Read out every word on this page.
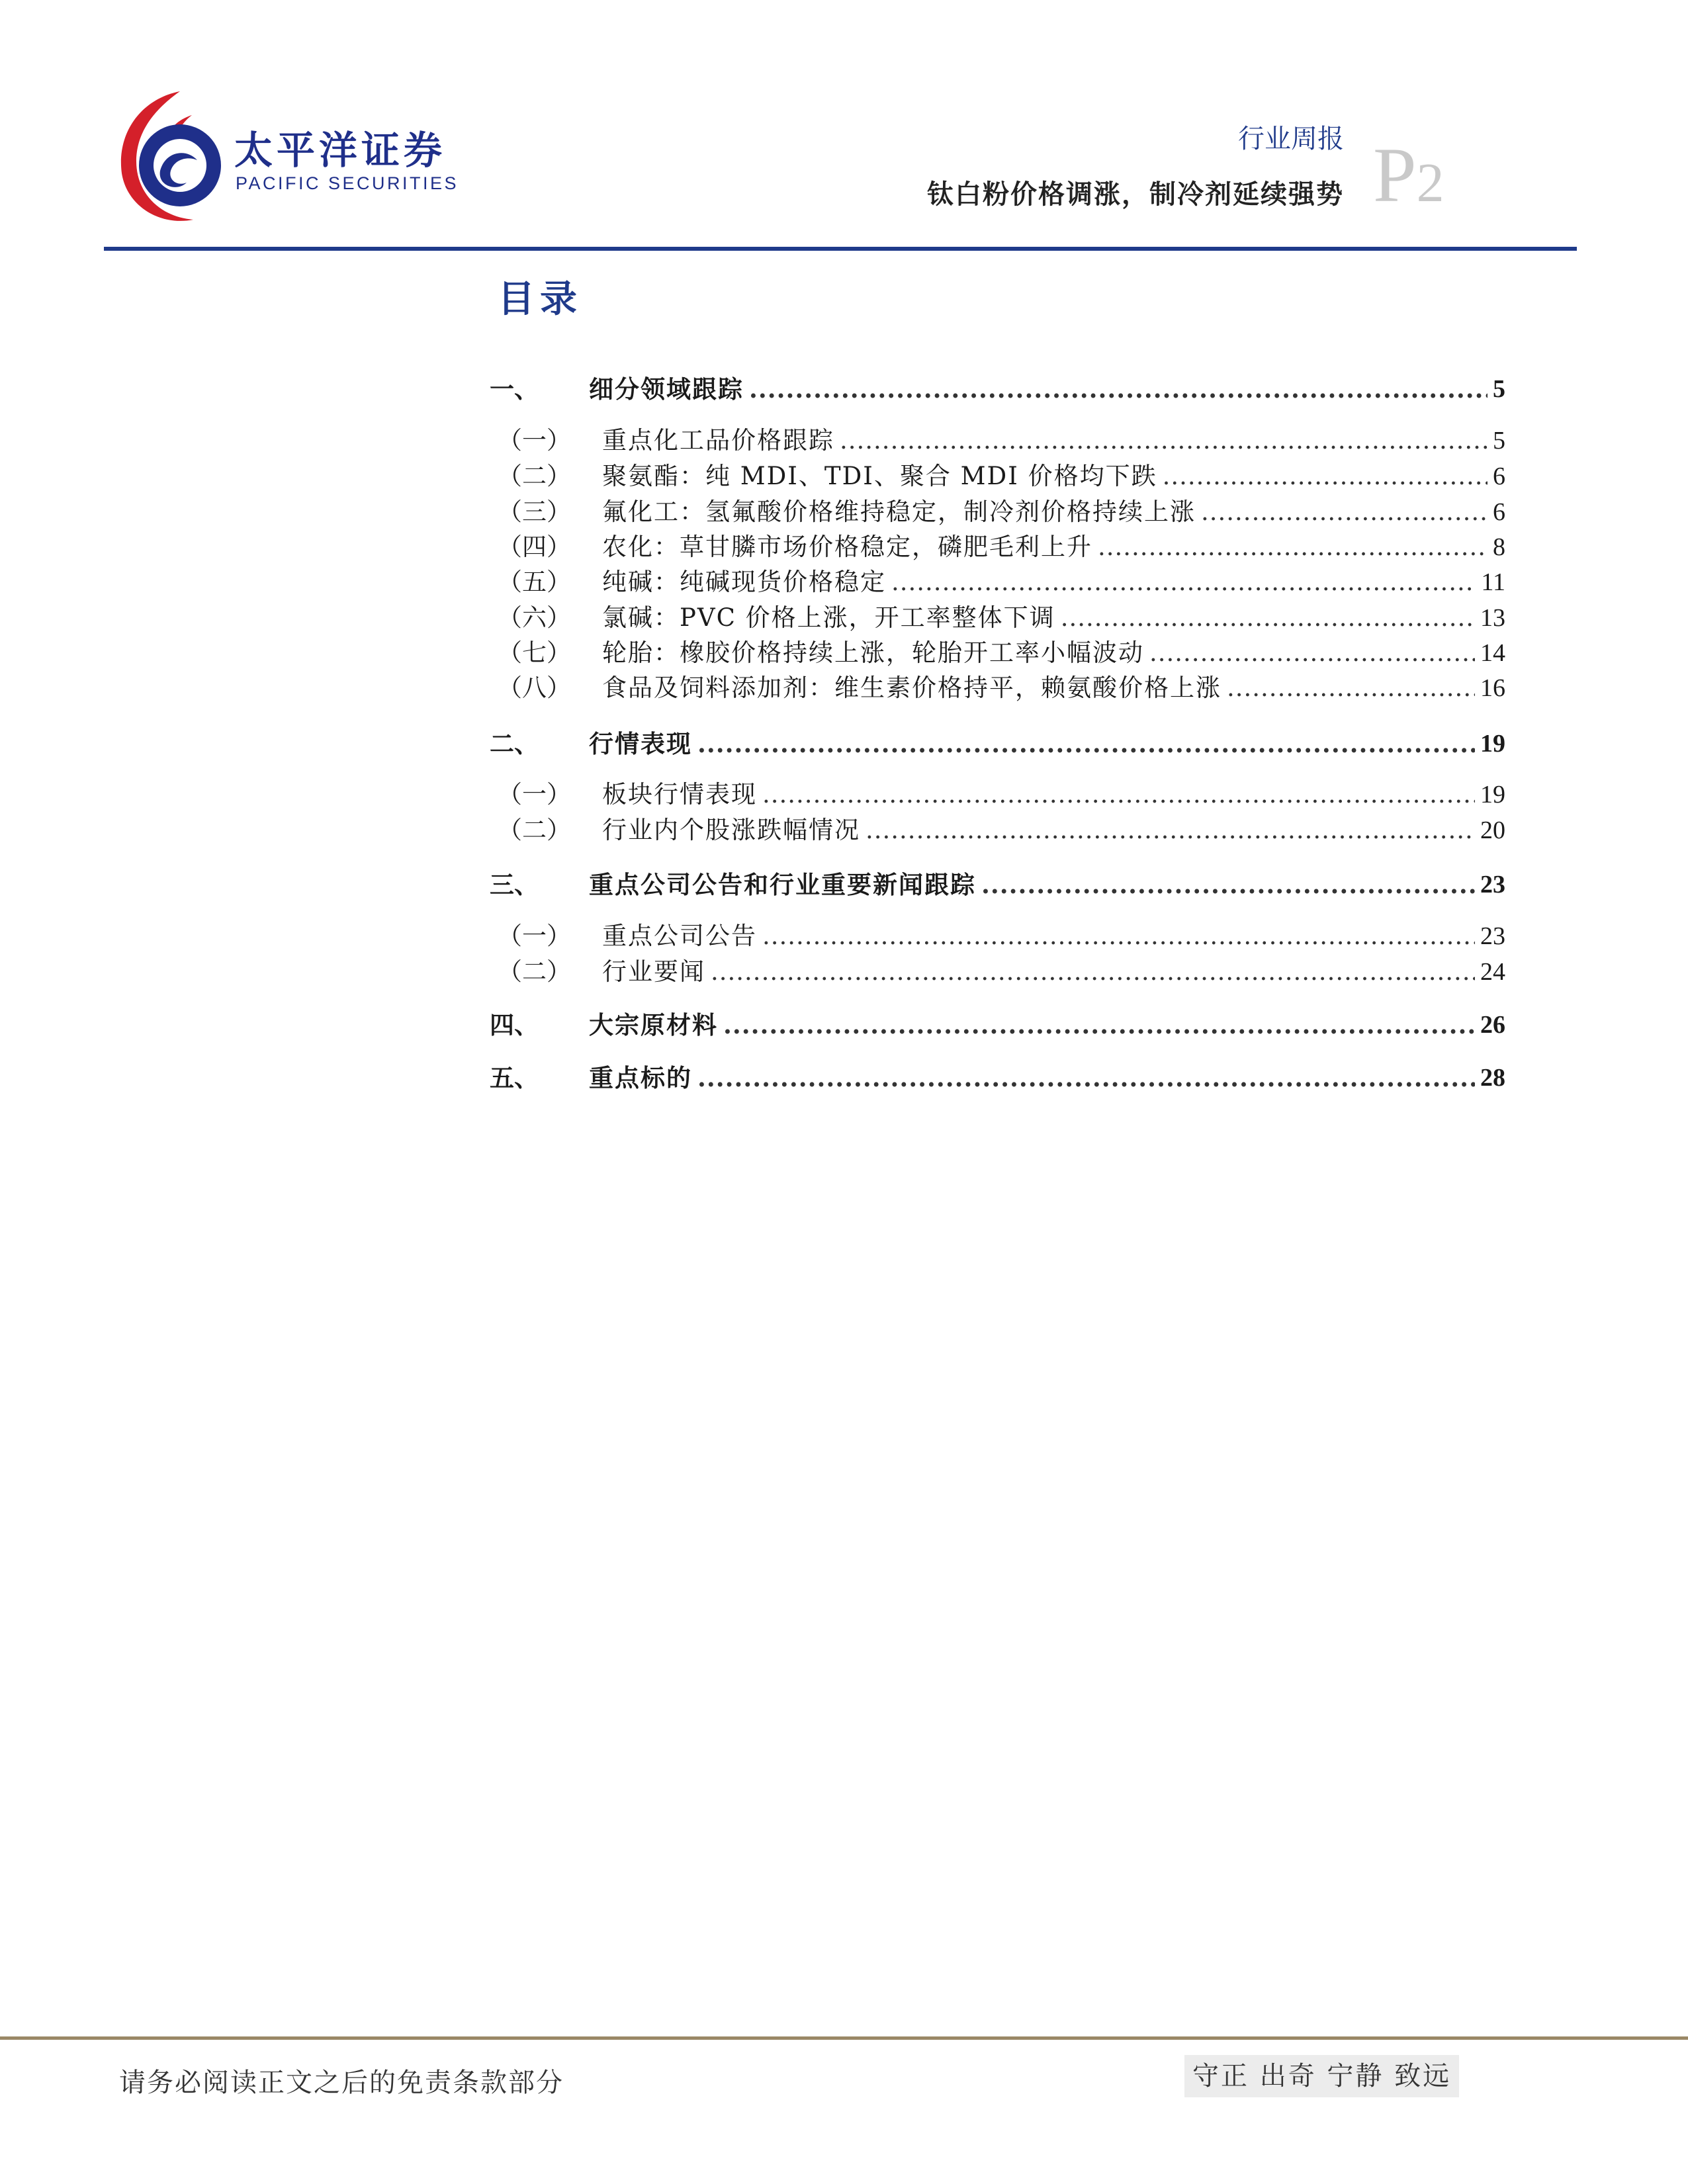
太平洋证券
PACIFIC SECURITIES
行业周报
钛白粉价格调涨，制冷剂延续强势 P2
目录
一、	细分领域跟踪 .....	5
（一）	重点化工品价格跟踪 .....	5
（二）	聚氨酯：纯 MDI、TDI、聚合 MDI 价格均下跌 .....	6
（三）	氟化工：氢氟酸价格维持稳定，制冷剂价格持续上涨 .....	6
（四）	农化：草甘膦市场价格稳定，磷肥毛利上升 .....	8
（五）	纯碱：纯碱现货价格稳定 .....	11
（六）	氯碱：PVC 价格上涨，开工率整体下调 .....	13
（七）	轮胎：橡胶价格持续上涨，轮胎开工率小幅波动 .....	14
（八）	食品及饲料添加剂：维生素价格持平，赖氨酸价格上涨 .....	16
二、	行情表现 .....	19
（一）	板块行情表现 .....	19
（二）	行业内个股涨跌幅情况 .....	20
三、	重点公司公告和行业重要新闻跟踪 .....	23
（一）	重点公司公告 .....	23
（二）	行业要闻 .....	24
四、	大宗原材料 .....	26
五、	重点标的 .....	28
请务必阅读正文之后的免责条款部分	守正 出奇 宁静 致远
